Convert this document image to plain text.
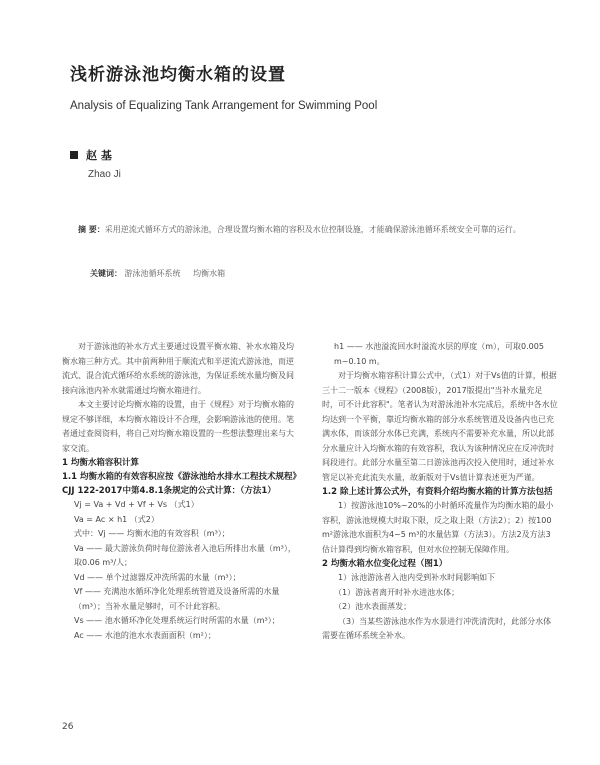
浅析游泳池均衡水箱的设置
Analysis of Equalizing Tank Arrangement for Swimming Pool
赵 基
Zhao Ji
摘 要：采用逆流式循环方式的游泳池，合理设置均衡水箱的容积及水位控制设施，才能确保游泳池循环系统安全可靠的运行。
关键词： 游泳池循环系统 均衡水箱

对于游泳池的补水方式主要通过设置平衡水箱、补水水箱及均衡水箱三种方式。其中前两种用于顺流式和半逆流式游泳池，而逆流式、混合流式循环给水系统的游泳池，为保证系统水量均衡及间接向泳池内补水就需通过均衡水箱进行。

本文主要讨论均衡水箱的设置，由于《规程》对于均衡水箱的规定不够详细，本均衡水箱设计不合理，会影响游泳池的使用。笔者通过查阅资料，将自己对均衡水箱设置的一些想法整理出来与大家交流。

1 均衡水箱容积计算

1.1 均衡水箱的有效容积应按《游泳池给水排水工程技术规程》CJJ 122-2017中第4.8.1条规定的公式计算：（方法1）

Vj = Va + Vd + Vf + Vs （式1）

Va = Ac × h1 （式2）

式中：Vj —— 均衡水池的有效容积（m³）；

Va —— 最大游泳负荷时每位游泳者入池后所排出水量（m³），取0.06 m³/人；

Vd —— 单个过滤器反冲洗所需的水量（m³）；

Vf —— 充满池水循环净化处理系统管道及设备所需的水量（m³）；当补水量足够时，可不计此容积。

Vs —— 池水循环净化处理系统运行时所需的水量（m³）；

Ac —— 水池的池水水表面面积（m²）；

h1 —— 水池溢流回水时溢流水层的厚度（m），可取0.005 m~0.10 m。

对于均衡水箱容积计算公式中，（式1）对于Vs值的计算，根据三十二一版本《规程》（2008版），2017版提出"当补水量充足时，可不计此容积"。笔者认为对游泳池补水完成后，系统中各水位均达到一个平衡，靠近均衡水箱的部分水系统管道及设备内也已充满水体，而该部分水体已充满，系统内不需要补充水量，所以此部分水量应计入均衡水箱的有效容积，我认为该种情况应在反冲洗时间段进行。此部分水量至第二日游泳池再次投入使用时，通过补水管足以补充此流失水量，故新版对于Vs值计算表述更为严谨。

1.2 除上述计算公式外，有资料介绍均衡水箱的计算方法包括

1）按游泳池10%~20%的小时循环流量作为均衡水箱的最小容积，游泳池规模大时取下限，反之取上限（方法2）；2）按100 m²游泳池水面积为4~5 m³的水量估算（方法3）。方法2及方法3估计算得到均衡水箱容积，但对水位控制无保障作用。

2 均衡水箱水位变化过程（图1）

1）泳池游泳者入池内受到补水时间影响如下

（1）游泳者离开时补水进池水体；

（2）池水表面蒸发；

（3）当某些游泳池水作为水景进行冲洗清洗时，此部分水体需要在循环系统全补水。

26
